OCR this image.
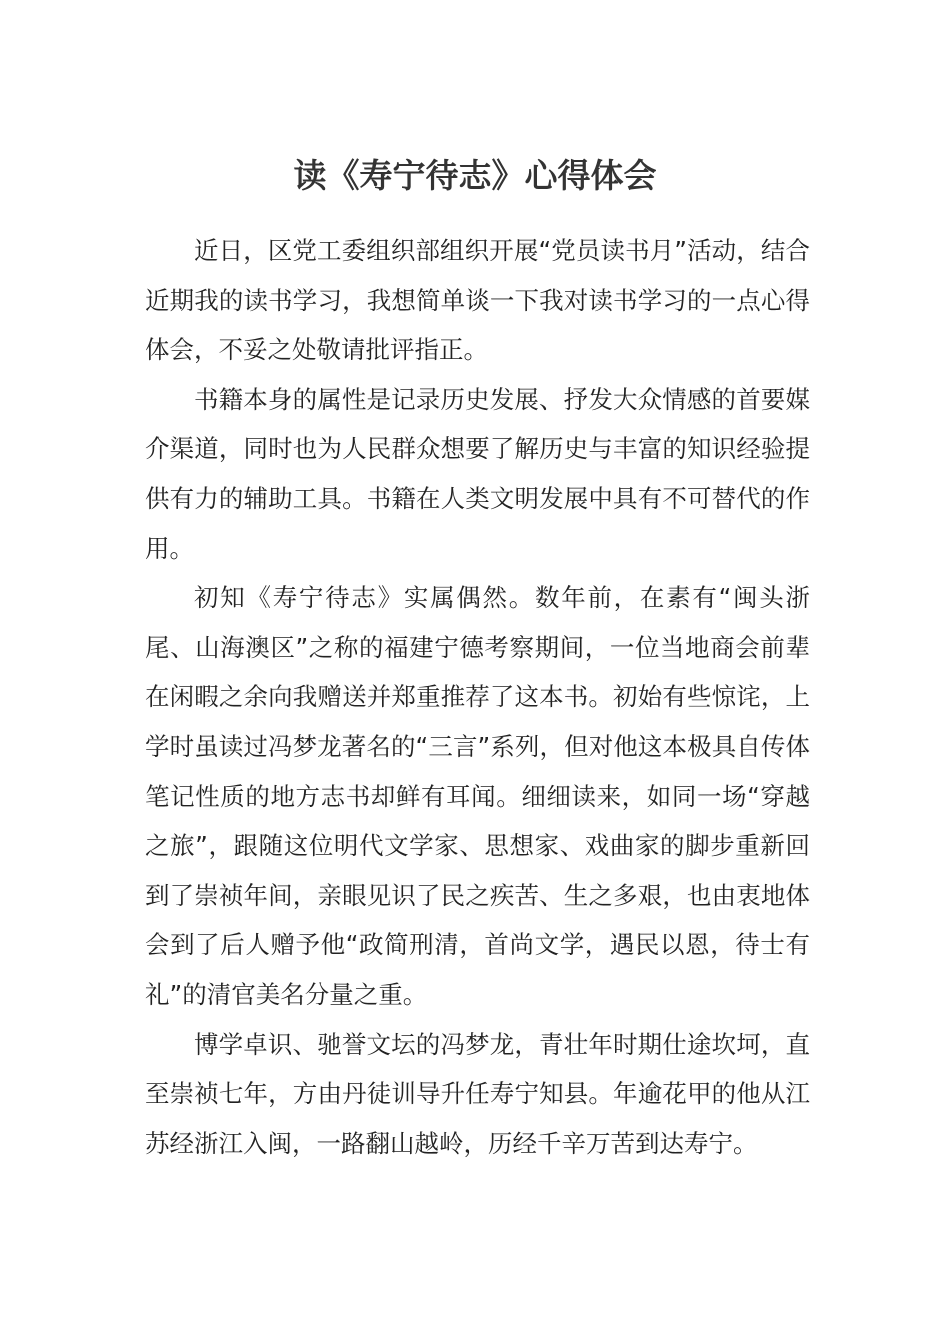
读《寿宁待志》心得体会

近日，区党工委组织部组织开展“党员读书月”活动，结合近期我的读书学习，我想简单谈一下我对读书学习的一点心得体会，不妥之处敬请批评指正。

书籍本身的属性是记录历史发展、抒发大众情感的首要媒介渠道，同时也为人民群众想要了解历史与丰富的知识经验提供有力的辅助工具。书籍在人类文明发展中具有不可替代的作用。

初知《寿宁待志》实属偶然。数年前，在素有“闽头浙尾、山海澳区”之称的福建宁德考察期间，一位当地商会前辈在闲暇之余向我赠送并郑重推荐了这本书。初始有些惊诧，上学时虽读过冯梦龙著名的“三言”系列，但对他这本极具自传体笔记性质的地方志书却鲜有耳闻。细细读来，如同一场“穿越之旅”，跟随这位明代文学家、思想家、戏曲家的脚步重新回到了崇祯年间，亲眼见识了民之疾苦、生之多艰，也由衷地体会到了后人赠予他“政简刑清，首尚文学，遇民以恩，待士有礼”的清官美名分量之重。

博学卓识、驰誉文坛的冯梦龙，青壮年时期仕途坎坷，直至崇祯七年，方由丹徒训导升任寿宁知县。年逾花甲的他从江苏经浙江入闽，一路翻山越岭，历经千辛万苦到达寿宁。
